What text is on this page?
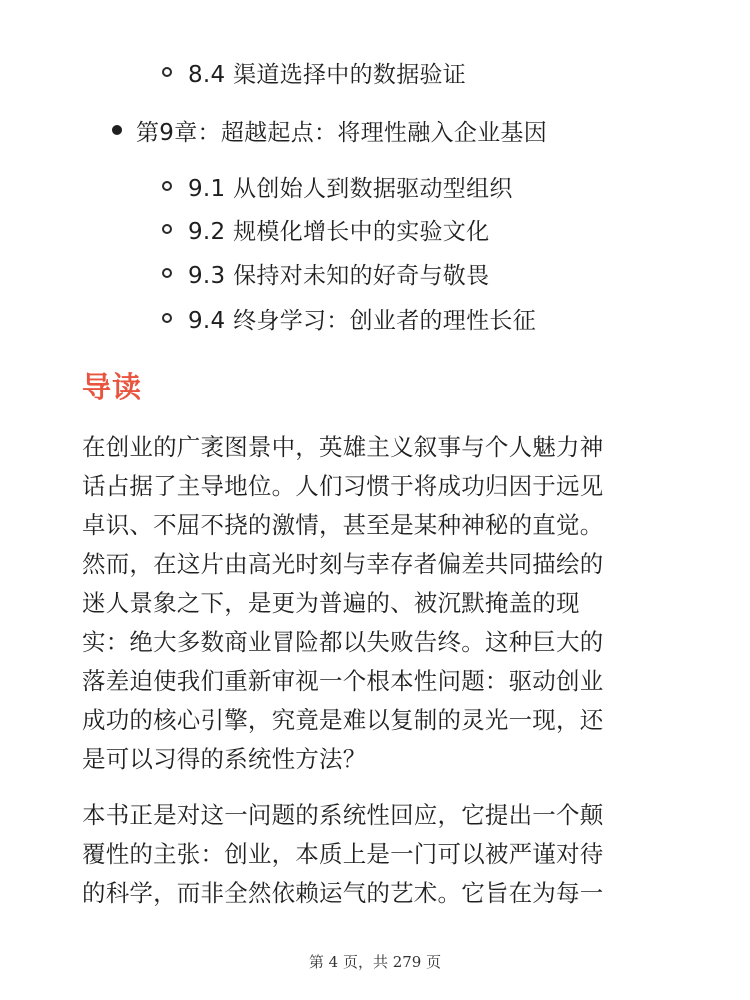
8.4 渠道选择中的数据验证
第9章：超越起点：将理性融入企业基因
9.1 从创始人到数据驱动型组织
9.2 规模化增长中的实验文化
9.3 保持对未知的好奇与敬畏
9.4 终身学习：创业者的理性长征
导读
在创业的广袤图景中，英雄主义叙事与个人魅力神
话占据了主导地位。人们习惯于将成功归因于远见
卓识、不屈不挠的激情，甚至是某种神秘的直觉。
然而，在这片由高光时刻与幸存者偏差共同描绘的
迷人景象之下，是更为普遍的、被沉默掩盖的现
实：绝大多数商业冒险都以失败告终。这种巨大的
落差迫使我们重新审视一个根本性问题：驱动创业
成功的核心引擎，究竟是难以复制的灵光一现，还
是可以习得的系统性方法？
本书正是对这一问题的系统性回应，它提出一个颠
覆性的主张：创业，本质上是一门可以被严谨对待
的科学，而非全然依赖运气的艺术。它旨在为每一
第 4 页，共 279 页
